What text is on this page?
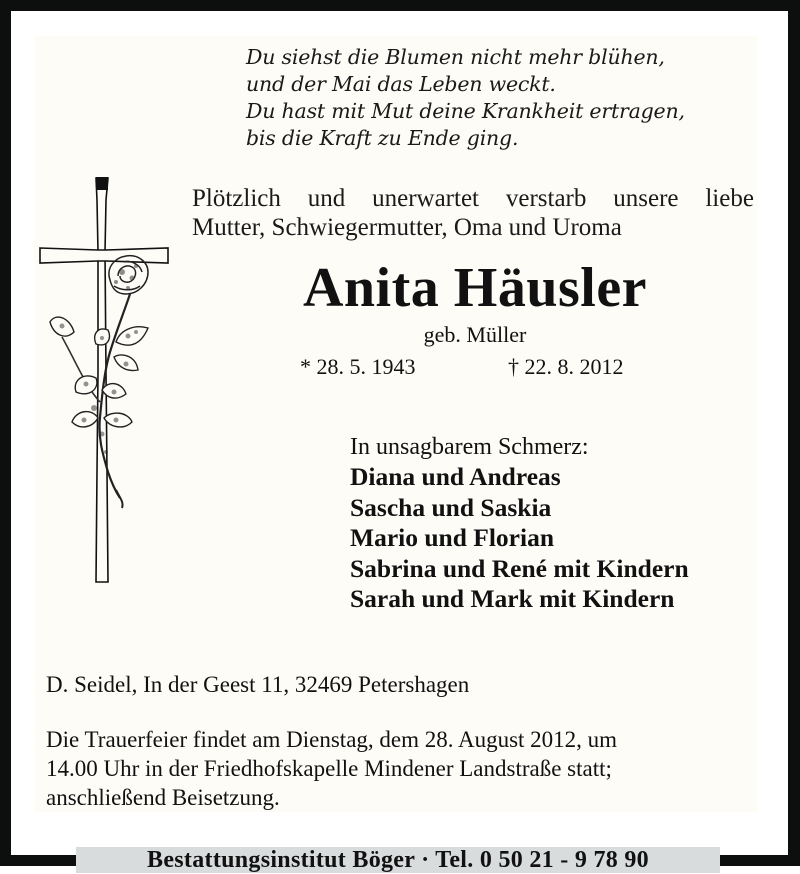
Du siehst die Blumen nicht mehr blühen,
und der Mai das Leben weckt.
Du hast mit Mut deine Krankheit ertragen,
bis die Kraft zu Ende ging.
Plötzlich und unerwartet verstarb unsere liebe
Mutter, Schwiegermutter, Oma und Uroma
Anita Häusler
geb. Müller
* 28. 5. 1943	† 22. 8. 2012
In unsagbarem Schmerz:
Diana und Andreas
Sascha und Saskia
Mario und Florian
Sabrina und René mit Kindern
Sarah und Mark mit Kindern
D. Seidel, In der Geest 11, 32469 Petershagen
Die Trauerfeier findet am Dienstag, dem 28. August 2012, um
14.00 Uhr in der Friedhofskapelle Mindener Landstraße statt;
anschließend Beisetzung.
Bestattungsinstitut Böger · Tel. 0 50 21 - 9 78 90
